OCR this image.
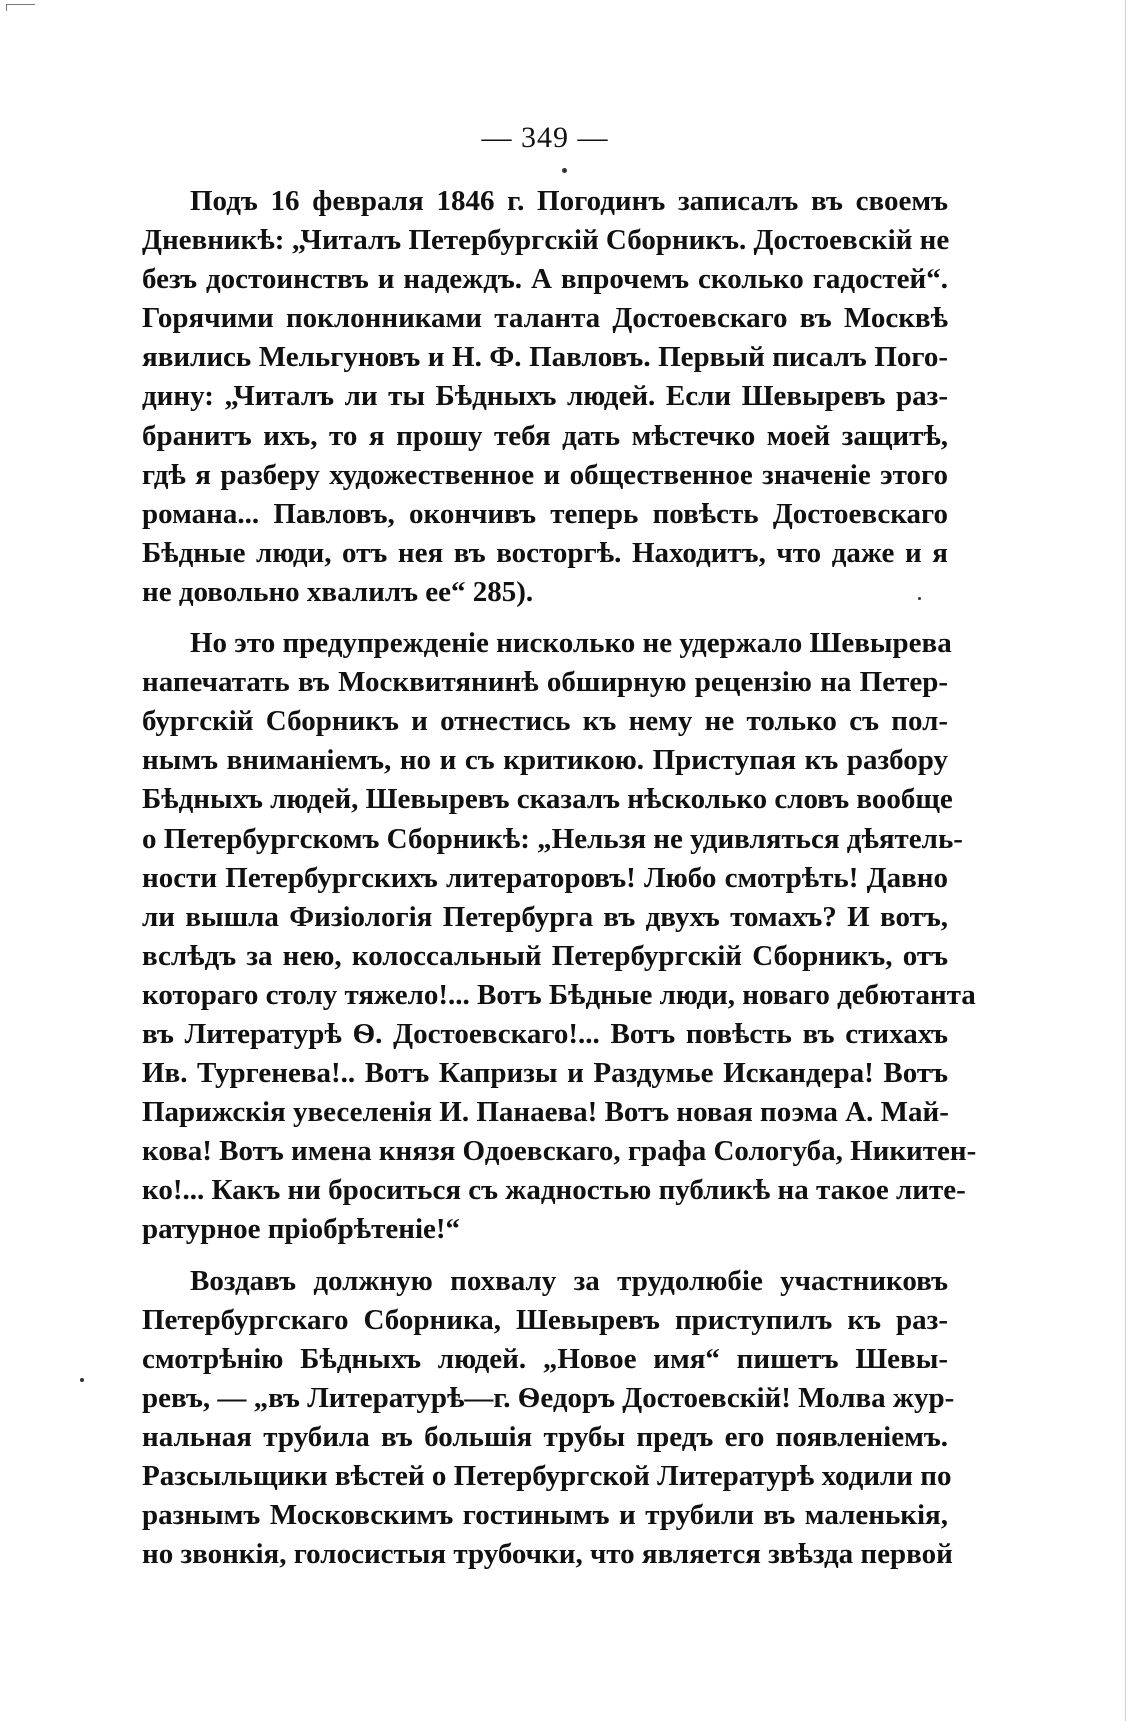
— 349 —
Подъ 16 февраля 1846 г. Погодинъ записалъ въ своемъ
Дневникѣ: „Читалъ Петербургскій Сборникъ. Достоевскій не
безъ достоинствъ и надеждъ. А впрочемъ сколько гадостей“.
Горячими поклонниками таланта Достоевскаго въ Москвѣ
явились Мельгуновъ и Н. Ф. Павловъ. Первый писалъ Пого-
дину: „Читалъ ли ты Бѣдныхъ людей. Если Шевыревъ раз-
бранитъ ихъ, то я прошу тебя дать мѣстечко моей защитѣ,
гдѣ я разберу художественное и общественное значеніе этого
романа... Павловъ, окончивъ теперь повѣсть Достоевскаго
Бѣдные люди, отъ нея въ восторгѣ. Находитъ, что даже и я
не довольно хвалилъ ее“ 285).
Но это предупрежденіе нисколько не удержало Шевырева
напечатать въ Москвитянинѣ обширную рецензію на Петер-
бургскій Сборникъ и отнестись къ нему не только съ пол-
нымъ вниманіемъ, но и съ критикою. Приступая къ разбору
Бѣдныхъ людей, Шевыревъ сказалъ нѣсколько словъ вообще
о Петербургскомъ Сборникѣ: „Нельзя не удивляться дѣятель-
ности Петербургскихъ литераторовъ! Любо смотрѣть! Давно
ли вышла Физіологія Петербурга въ двухъ томахъ? И вотъ,
вслѣдъ за нею, колоссальный Петербургскій Сборникъ, отъ
котораго столу тяжело!... Вотъ Бѣдные люди, новаго дебютанта
въ Литературѣ Ѳ. Достоевскаго!... Вотъ повѣсть въ стихахъ
Ив. Тургенева!.. Вотъ Капризы и Раздумье Искандера! Вотъ
Парижскія увеселенія И. Панаева! Вотъ новая поэма А. Май-
кова! Вотъ имена князя Одоевскаго, графа Сологуба, Никитен-
ко!... Какъ ни броситься съ жадностью публикѣ на такое лите-
ратурное пріобрѣтеніе!“
Воздавъ должную похвалу за трудолюбіе участниковъ
Петербургскаго Сборника, Шевыревъ приступилъ къ раз-
смотрѣнію Бѣдныхъ людей. „Новое имя“ пишетъ Шевы-
ревъ, — „въ Литературѣ—г. Ѳедоръ Достоевскій! Молва жур-
нальная трубила въ большія трубы предъ его появленіемъ.
Разсыльщики вѣстей о Петербургской Литературѣ ходили по
разнымъ Московскимъ гостинымъ и трубили въ маленькія,
но звонкія, голосистыя трубочки, что является звѣзда первой
